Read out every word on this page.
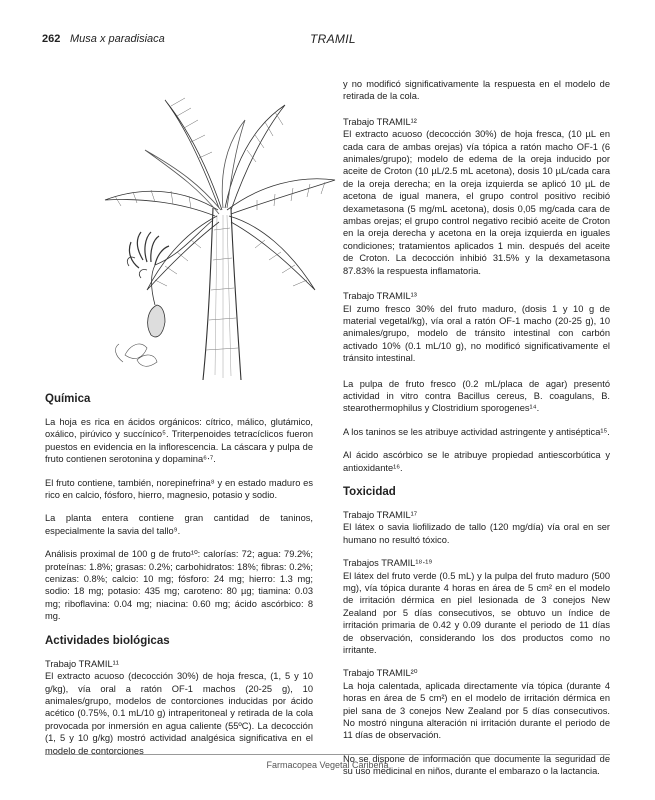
262 Musa x paradisiaca	TRAMIL
Química

La hoja es rica en ácidos orgánicos: cítrico, málico, glutámico, oxálico, pirúvico y succínico⁵. Triterpenoides tetracíclicos fueron puestos en evidencia en la inflorescencia. La cáscara y pulpa de fruto contienen serotonina y dopamina⁶‧⁷.

El fruto contiene, también, norepinefrina⁸ y en estado maduro es rico en calcio, fósforo, hierro, magnesio, potasio y sodio.

La planta entera contiene gran cantidad de taninos, especialmente la savia del tallo⁹.

Análisis proximal de 100 g de fruto¹⁰: calorías: 72; agua: 79.2%; proteínas: 1.8%; grasas: 0.2%; carbohidratos: 18%; fibras: 0.2%; cenizas: 0.8%; calcio: 10 mg; fósforo: 24 mg; hierro: 1.3 mg; sodio: 18 mg; potasio: 435 mg; caroteno: 80 µg; tiamina: 0.03 mg; riboflavina: 0.04 mg; niacina: 0.60 mg; ácido ascórbico: 8 mg.

Actividades biológicas

Trabajo TRAMIL¹¹
El extracto acuoso (decocción 30%) de hoja fresca, (1, 5 y 10 g/kg), vía oral a ratón OF-1 machos (20-25 g), 10 animales/grupo, modelos de contorciones inducidas por ácido acético (0.75%, 0.1 mL/10 g) intraperitoneal y retirada de la cola provocada por inmersión en agua caliente (55ºC). La decocción (1, 5 y 10 g/kg) mostró actividad analgésica significativa en el modelo de contorciones

y no modificó significativamente la respuesta en el modelo de retirada de la cola.

Trabajo TRAMIL¹²
El extracto acuoso (decocción 30%) de hoja fresca, (10 µL en cada cara de ambas orejas) vía tópica a ratón macho OF-1 (6 animales/grupo); modelo de edema de la oreja inducido por aceite de Croton (10 µL/2.5 mL acetona), dosis 10 µL/cada cara de la oreja derecha; en la oreja izquierda se aplicó 10 µL de acetona de igual manera, el grupo control positivo recibió dexametasona (5 mg/mL acetona), dosis 0,05 mg/cada cara de ambas orejas; el grupo control negativo recibió aceite de Croton en la oreja derecha y acetona en la oreja izquierda en iguales condiciones; tratamientos aplicados 1 min. después del aceite de Croton. La decocción inhibió 31.5% y la dexametasona 87.83% la respuesta inflamatoria.

Trabajo TRAMIL¹³
El zumo fresco 30% del fruto maduro, (dosis 1 y 10 g de material vegetal/kg), vía oral a ratón OF-1 macho (20-25 g), 10 animales/grupo, modelo de tránsito intestinal con carbón activado 10% (0.1 mL/10 g), no modificó significativamente el tránsito intestinal.

La pulpa de fruto fresco (0.2 mL/placa de agar) presentó actividad in vitro contra Bacillus cereus, B. coagulans, B. stearothermophilus y Clostridium sporogenes¹⁴.

A los taninos se les atribuye actividad astringente y antiséptica¹⁵.

Al ácido ascórbico se le atribuye propiedad antiescorbútica y antioxidante¹⁶.

Toxicidad

Trabajo TRAMIL¹⁷
El látex o savia liofilizado de tallo (120 mg/día) vía oral en ser humano no resultó tóxico.

Trabajos TRAMIL¹⁸‧¹⁹
El látex del fruto verde (0.5 mL) y la pulpa del fruto maduro (500 mg), vía tópica durante 4 horas en área de 5 cm² en el modelo de irritación dérmica en piel lesionada de 3 conejos New Zealand por 5 días consecutivos, se obtuvo un índice de irritación primaria de 0.42 y 0.09 durante el periodo de 11 días de observación, considerando los dos productos como no irritante.

Trabajo TRAMIL²⁰
La hoja calentada, aplicada directamente vía tópica (durante 4 horas en área de 5 cm²) en el modelo de irritación dérmica en piel sana de 3 conejos New Zealand por 5 días consecutivos. No mostró ninguna alteración ni irritación durante el periodo de 11 días de observación.

No se dispone de información que documente la seguridad de su uso medicinal en niños, durante el embarazo o la lactancia.

Farmacopea Vegetal Caribeña
